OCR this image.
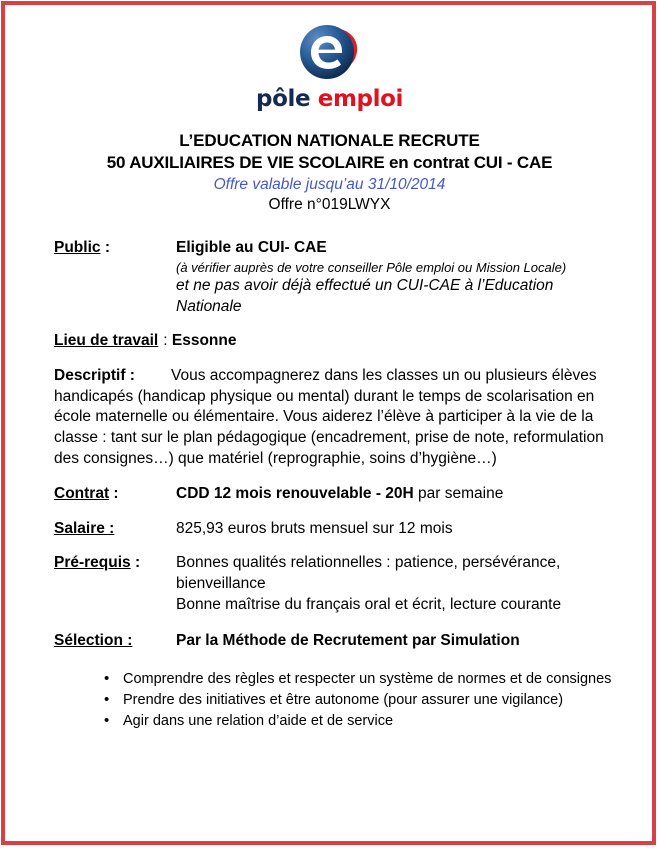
pôle emploi
L’EDUCATION NATIONALE RECRUTE
50 AUXILIAIRES DE VIE SCOLAIRE en contrat CUI - CAE
Offre valable jusqu’au 31/10/2014
Offre n°019LWYX
Public :	Eligible au CUI- CAE
(à vérifier auprès de votre conseiller Pôle emploi ou Mission Locale)
et ne pas avoir déjà effectué un CUI-CAE à l’Education
Nationale
Lieu de travail : Essonne
Descriptif : Vous accompagnerez dans les classes un ou plusieurs élèves handicapés (handicap physique ou mental) durant le temps de scolarisation en école maternelle ou élémentaire. Vous aiderez l’élève à participer à la vie de la classe : tant sur le plan pédagogique (encadrement, prise de note, reformulation des consignes…) que matériel (reprographie, soins d’hygiène…)
Contrat :	CDD 12 mois renouvelable - 20H par semaine
Salaire :	825,93 euros bruts mensuel sur 12 mois
Pré-requis :	Bonnes qualités relationnelles : patience, persévérance,
bienveillance
Bonne maîtrise du français oral et écrit, lecture courante
Sélection :	Par la Méthode de Recrutement par Simulation
• Comprendre des règles et respecter un système de normes et de consignes
• Prendre des initiatives et être autonome (pour assurer une vigilance)
• Agir dans une relation d’aide et de service
